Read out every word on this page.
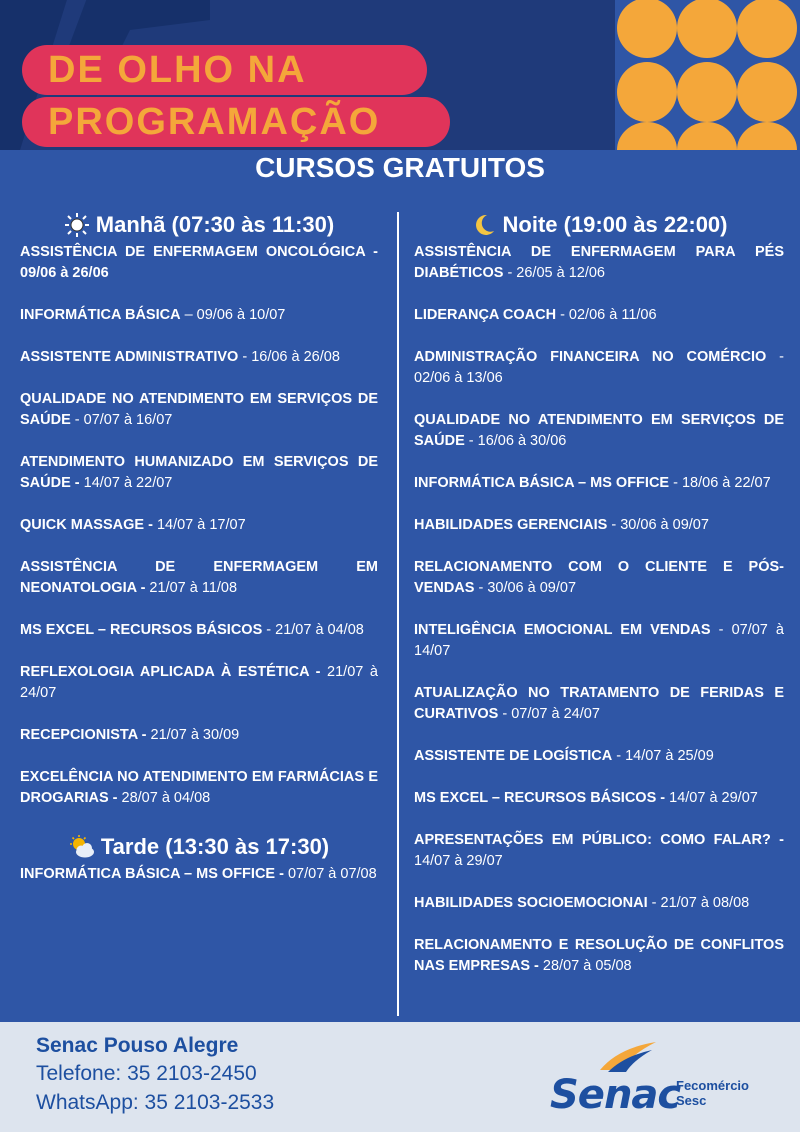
DE OLHO NA
PROGRAMAÇÃO
CURSOS GRATUITOS
Manhã (07:30 às 11:30)
ASSISTÊNCIA DE ENFERMAGEM ONCOLÓGICA - 09/06 à 26/06
INFORMÁTICA BÁSICA – 09/06 à 10/07
ASSISTENTE ADMINISTRATIVO - 16/06 à 26/08
QUALIDADE NO ATENDIMENTO EM SERVIÇOS DE SAÚDE - 07/07 à 16/07
ATENDIMENTO HUMANIZADO EM SERVIÇOS DE SAÚDE - 14/07 à 22/07
QUICK MASSAGE - 14/07 à 17/07
ASSISTÊNCIA DE ENFERMAGEM EM NEONATOLOGIA - 21/07 à 11/08
MS EXCEL – RECURSOS BÁSICOS - 21/07 à 04/08
REFLEXOLOGIA APLICADA À ESTÉTICA - 21/07 à 24/07
RECEPCIONISTA - 21/07 à 30/09
EXCELÊNCIA NO ATENDIMENTO EM FARMÁCIAS E DROGARIAS - 28/07 à 04/08
Tarde (13:30 às 17:30)
INFORMÁTICA BÁSICA – MS OFFICE - 07/07 à 07/08
Noite (19:00 às 22:00)
ASSISTÊNCIA DE ENFERMAGEM PARA PÉS DIABÉTICOS - 26/05 à 12/06
LIDERANÇA COACH - 02/06 à 11/06
ADMINISTRAÇÃO FINANCEIRA NO COMÉRCIO - 02/06 à 13/06
QUALIDADE NO ATENDIMENTO EM SERVIÇOS DE SAÚDE - 16/06 à 30/06
INFORMÁTICA BÁSICA – MS OFFICE - 18/06 à 22/07
HABILIDADES GERENCIAIS - 30/06 à 09/07
RELACIONAMENTO COM O CLIENTE E PÓS-VENDAS - 30/06 à 09/07
INTELIGÊNCIA EMOCIONAL EM VENDAS - 07/07 à 14/07
ATUALIZAÇÃO NO TRATAMENTO DE FERIDAS E CURATIVOS - 07/07 à 24/07
ASSISTENTE DE LOGÍSTICA - 14/07 à 25/09
MS EXCEL – RECURSOS BÁSICOS - 14/07 à 29/07
APRESENTAÇÕES EM PÚBLICO: COMO FALAR? - 14/07 à 29/07
HABILIDADES SOCIOEMOCIONAI - 21/07 à 08/08
RELACIONAMENTO E RESOLUÇÃO DE CONFLITOS NAS EMPRESAS - 28/07 à 05/08
Senac Pouso Alegre
Telefone: 35 2103-2450
WhatsApp: 35 2103-2533	Senac
Fecomércio
Sesc
